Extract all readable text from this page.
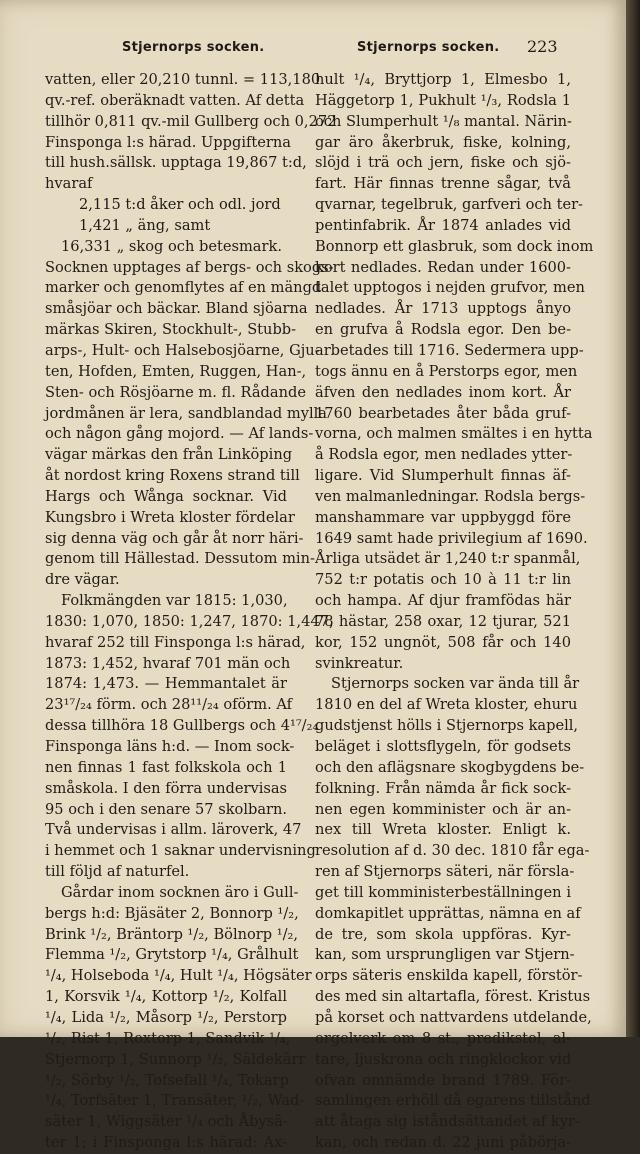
Stjernorps socken.	Stjernorps socken. 223
vatten, eller 20,210 tunnl. = 113,180
qv.-ref. oberäknadt vatten. Af detta
tillhör 0,811 qv.-mil Gullberg och 0,272
Finsponga l:s härad. Uppgifterna
till hush.sällsk. upptaga 19,867 t:d,
hvaraf
2,115 t:d åker och odl. jord
1,421 „ äng, samt
16,331 „ skog och betesmark.
Socknen upptages af bergs- och skogs-
marker och genomflytes af en mängd
småsjöar och bäckar. Bland sjöarna
märkas Skiren, Stockhult-, Stubb-
arps-, Hult- och Halsebosjöarne, Gju-
ten, Hofden, Emten, Ruggen, Han-,
Sten- och Rösjöarne m. fl. Rådande
jordmånen är lera, sandblandad mylla
och någon gång mojord. — Af lands-
vägar märkas den från Linköping
åt nordost kring Roxens strand till
Hargs och Wånga socknar. Vid
Kungsbro i Wreta kloster fördelar
sig denna väg och går åt norr häri-
genom till Hällestad. Dessutom min-
dre vägar.
Folkmängden var 1815: 1,030,
1830: 1,070, 1850: 1,247, 1870: 1,447,
hvaraf 252 till Finsponga l:s härad,
1873: 1,452, hvaraf 701 män och
1874: 1,473. — Hemmantalet är
23¹⁷/₂₄ förm. och 28¹¹/₂₄ oförm. Af
dessa tillhöra 18 Gullbergs och 4¹⁷/₂₄
Finsponga läns h:d. — Inom sock-
nen finnas 1 fast folkskola och 1
småskola. I den förra undervisas
95 och i den senare 57 skolbarn.
Två undervisas i allm. läroverk, 47
i hemmet och 1 saknar undervisning
till följd af naturfel.
Gårdar inom socknen äro i Gull-
bergs h:d: Bjäsäter 2, Bonnorp ¹/₂,
Brink ¹/₂, Bräntorp ¹/₂, Bölnorp ¹/₂,
Flemma ¹/₂, Grytstorp ¹/₄, Grålhult
¹/₄, Holseboda ¹/₄, Hult ¹/₄, Högsäter
1, Korsvik ¹/₄, Kottorp ¹/₂, Kolfall
¹/₄, Lida ¹/₂, Måsorp ¹/₂, Perstorp
¹/₂, Rist 1, Roxtorp 1, Sandvik ¹/₄,
Stjernorp 1, Sunnorp ¹/₂, Säldekärr
¹/₂, Sörby ¹/₂, Tofsefall ¹/₄, Tokarp
¹/₄, Torfsäter 1, Transäter, ¹/₂, Wad-
säter 1, Wiggsäter ¹/₄ och Åbysä-
ter 1; i Finsponga l:s härad: Ax-
hult ¹/₄, Bryttjorp 1, Elmesbo 1,
Häggetorp 1, Pukhult ¹/₃, Rodsla 1
och Slumperhult ¹/₈ mantal. Närin-
gar äro åkerbruk, fiske, kolning,
slöjd i trä och jern, fiske och sjö-
fart. Här finnas trenne sågar, två
qvarnar, tegelbruk, garfveri och ter-
pentinfabrik. År 1874 anlades vid
Bonnorp ett glasbruk, som dock inom
kort nedlades. Redan under 1600-
talet upptogos i nejden grufvor, men
nedlades. År 1713 upptogs ånyo
en grufva å Rodsla egor. Den be-
arbetades till 1716. Sedermera upp-
togs ännu en å Perstorps egor, men
äfven den nedlades inom kort. År
1760 bearbetades åter båda gruf-
vorna, och malmen smältes i en hytta
å Rodsla egor, men nedlades ytter-
ligare. Vid Slumperhult finnas äf-
ven malmanledningar. Rodsla bergs-
manshammare var uppbyggd före
1649 samt hade privilegium af 1690.
Årliga utsädet är 1,240 t:r spanmål,
752 t:r potatis och 10 à 11 t:r lin
och hampa. Af djur framfödas här
78 hästar, 258 oxar, 12 tjurar, 521
kor, 152 ungnöt, 508 får och 140
svinkreatur.
Stjernorps socken var ända till år
1810 en del af Wreta kloster, ehuru
gudstjenst hölls i Stjernorps kapell,
beläget i slottsflygeln, för godsets
och den aflägsnare skogbygdens be-
folkning. Från nämda år fick sock-
nen egen komminister och är an-
nex till Wreta kloster. Enligt k.
resolution af d. 30 dec. 1810 får ega-
ren af Stjernorps säteri, när försla-
get till komministerbeställningen i
domkapitlet upprättas, nämna en af
de tre, som skola uppföras. Kyr-
kan, som ursprungligen var Stjern-
orps säteris enskilda kapell, förstör-
des med sin altartafla, förest. Kristus
på korset och nattvardens utdelande,
orgelverk om 8 st., predikstol, al-
tare, ljuskrona och ringklockor vid
ofvan omnämde brand 1789. För-
samlingen erhöll då egarens tillstånd
att åtaga sig iståndsättandet af kyr-
kan, och redan d. 22 juni påbörja-
